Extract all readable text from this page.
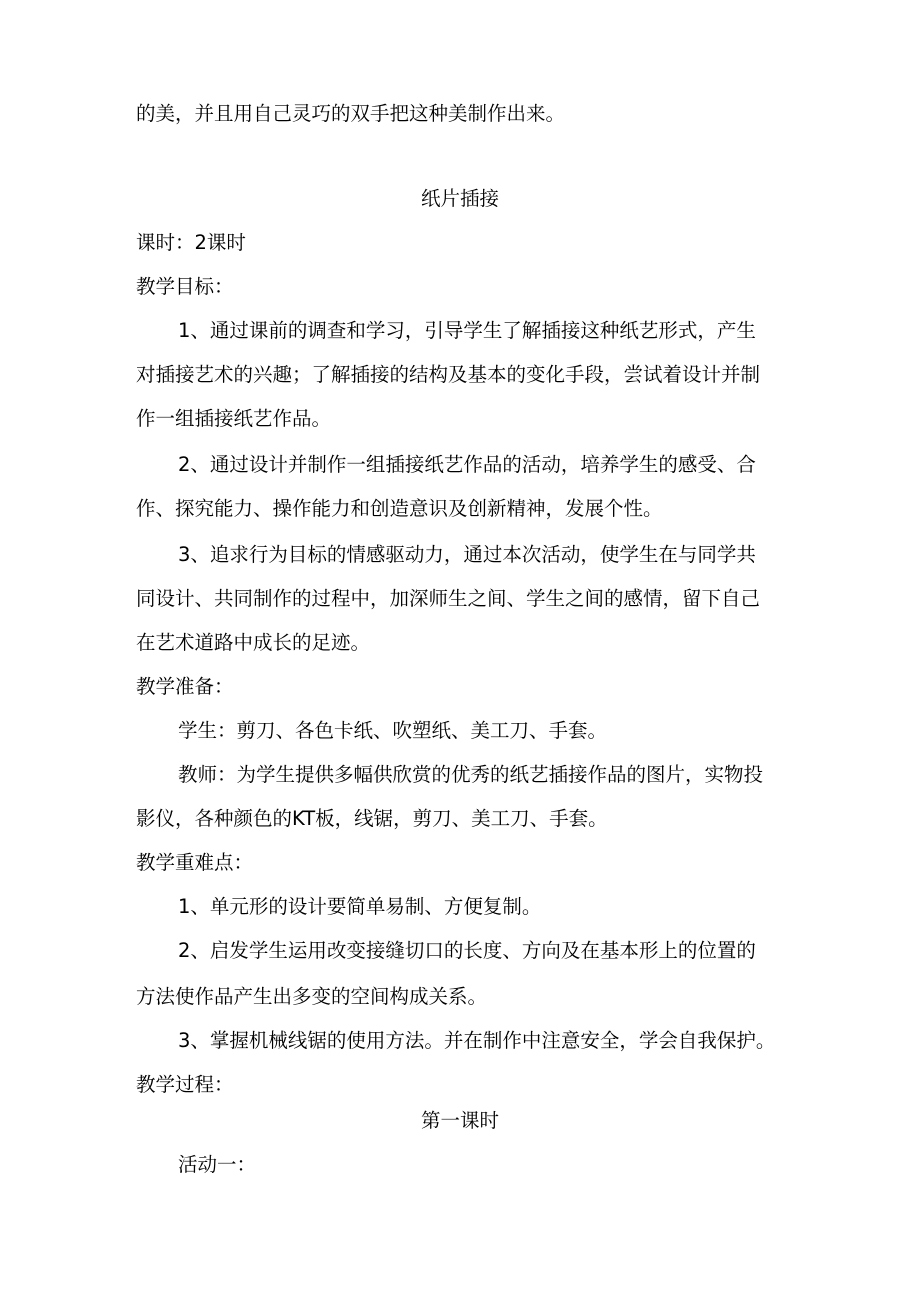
的美，并且用自己灵巧的双手把这种美制作出来。

纸片插接

课时：2课时

教学目标：

1、通过课前的调查和学习，引导学生了解插接这种纸艺形式，产生

对插接艺术的兴趣；了解插接的结构及基本的变化手段，尝试着设计并制

作一组插接纸艺作品。

2、通过设计并制作一组插接纸艺作品的活动，培养学生的感受、合

作、探究能力、操作能力和创造意识及创新精神，发展个性。

3、追求行为目标的情感驱动力，通过本次活动，使学生在与同学共

同设计、共同制作的过程中，加深师生之间、学生之间的感情，留下自己

在艺术道路中成长的足迹。

教学准备：

学生：剪刀、各色卡纸、吹塑纸、美工刀、手套。

教师：为学生提供多幅供欣赏的优秀的纸艺插接作品的图片，实物投

影仪，各种颜色的KT板，线锯，剪刀、美工刀、手套。

教学重难点：

1、单元形的设计要简单易制、方便复制。

2、启发学生运用改变接缝切口的长度、方向及在基本形上的位置的

方法使作品产生出多变的空间构成关系。

3、掌握机械线锯的使用方法。并在制作中注意安全，学会自我保护。

教学过程：

第一课时

活动一：
